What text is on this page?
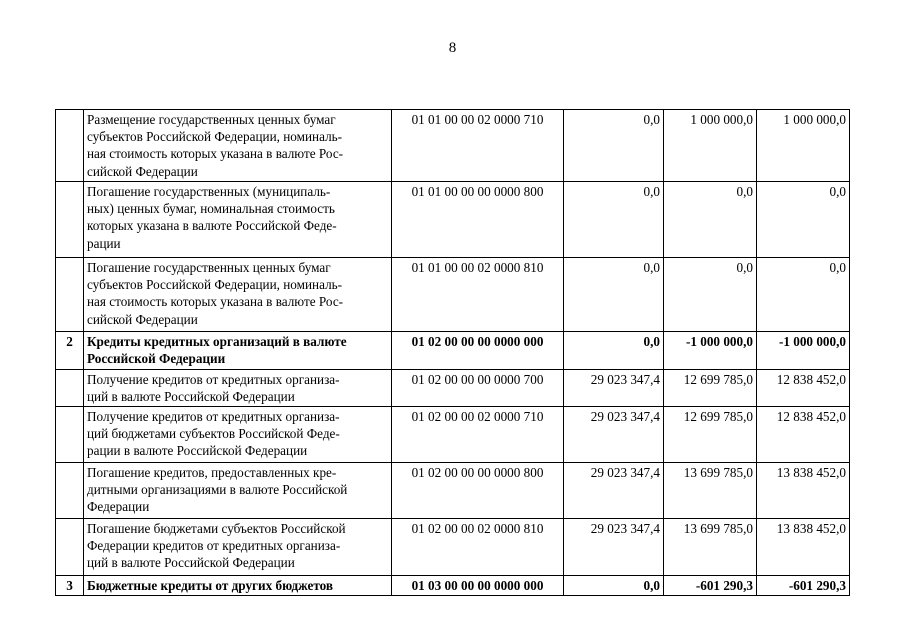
8

	Размещение государственных ценных бумаг
субъектов Российской Федерации, номиналь-
ная стоимость которых указана в валюте Рос-
сийской Федерации	01 01 00 00 02 0000 710	0,0	1 000 000,0	1 000 000,0

	Погашение государственных (муниципаль-
ных) ценных бумаг, номинальная стоимость
которых указана в валюте Российской Феде-
рации	01 01 00 00 00 0000 800	0,0	0,0	0,0

	Погашение государственных ценных бумаг
субъектов Российской Федерации, номиналь-
ная стоимость которых указана в валюте Рос-
сийской Федерации	01 01 00 00 02 0000 810	0,0	0,0	0,0
2	Кредиты кредитных организаций в валюте
Российской Федерации	01 02 00 00 00 0000 000	0,0	-1 000 000,0	-1 000 000,0

	Получение кредитов от кредитных организа-
ций в валюте Российской Федерации	01 02 00 00 00 0000 700	29 023 347,4	12 699 785,0	12 838 452,0

	Получение кредитов от кредитных организа-
ций бюджетами субъектов Российской Феде-
рации в валюте Российской Федерации	01 02 00 00 02 0000 710	29 023 347,4	12 699 785,0	12 838 452,0

	Погашение кредитов, предоставленных кре-
дитными организациями в валюте Российской
Федерации	01 02 00 00 00 0000 800	29 023 347,4	13 699 785,0	13 838 452,0

	Погашение бюджетами субъектов Российской
Федерации кредитов от кредитных организа-
ций в валюте Российской Федерации	01 02 00 00 02 0000 810	29 023 347,4	13 699 785,0	13 838 452,0
3	Бюджетные кредиты от других бюджетов	01 03 00 00 00 0000 000	0,0	-601 290,3	-601 290,3
